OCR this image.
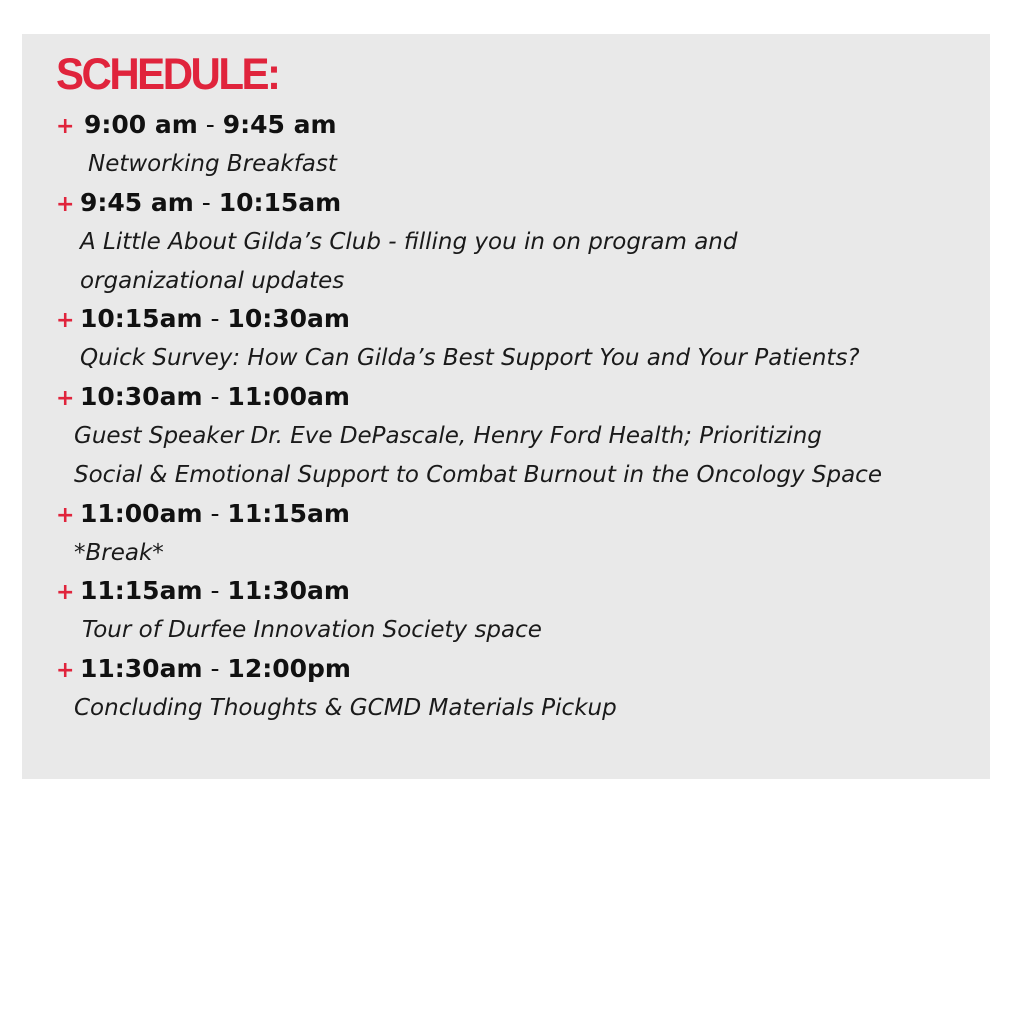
SCHEDULE:
+ 9:00 am - 9:45 am
Networking Breakfast
+ 9:45 am - 10:15am
A Little About Gilda’s Club - filling you in on program and
organizational updates
+ 10:15am - 10:30am
Quick Survey: How Can Gilda’s Best Support You and Your Patients?
+ 10:30am - 11:00am
Guest Speaker Dr. Eve DePascale, Henry Ford Health; Prioritizing
Social & Emotional Support to Combat Burnout in the Oncology Space
+ 11:00am - 11:15am
*Break*
+ 11:15am - 11:30am
Tour of Durfee Innovation Society space
+ 11:30am - 12:00pm
Concluding Thoughts & GCMD Materials Pickup
